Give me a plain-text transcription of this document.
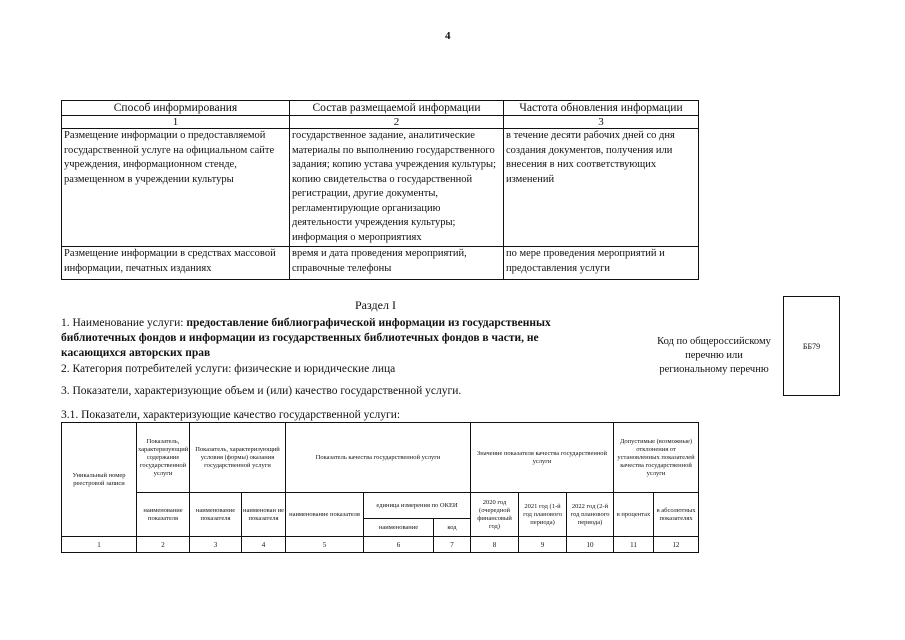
4
Способ информирования	Состав размещаемой информации	Частота обновления информации
1	2	3
Размещение информации о предоставляемой государственной услуге на официальном сайте учреждения, информационном стенде, размещенном в учреждении культуры	государственное задание, аналитические материалы по выполнению государственного задания; копию устава учреждения культуры; копию свидетельства о государственной регистрации, другие документы, регламентирующие организацию деятельности учреждения культуры; информация о мероприятиях	в течение десяти рабочих дней со дня создания документов, получения или внесения в них соответствующих изменений
Размещение информации в средствах массовой информации, печатных изданиях	время и дата проведения мероприятий, справочные телефоны	по мере проведения мероприятий и предоставления услуги
Раздел I
1. Наименование услуги: предоставление библиографической информации из государственных библиотечных фондов и информации из государственных библиотечных фондов в части, не касающихся авторских прав
2. Категория потребителей услуги: физические и юридические лица
3. Показатели, характеризующие объем и (или) качество государственной услуги.
3.1. Показатели, характеризующие качество государственной услуги:
Код по общероссийскому перечню или региональному перечню
ББ79
Уникальный номер реестровой записи	Показатель, характеризующий содержание государственной услуги	Показатель, характеризующий условия (формы) оказания государственной услуги		Показатель качества государственной услуги			Значение показателя качества государственной услуги			Допустимые (возможные) отклонения от установленных показателей качества государственной услуги	
	наименование показателя	наименование показателя	наименован ие показателя	наименование показателя	единица измерения по ОКЕИ		2020 год (очередной финансовый год)	2021 год (1-й год планового периода)	2022 год (2-й год планового периода)	в процентах	в абсолютных показателях
					наименование	код					
1	2	3	4	5	6	7	8	9	10	11	12
